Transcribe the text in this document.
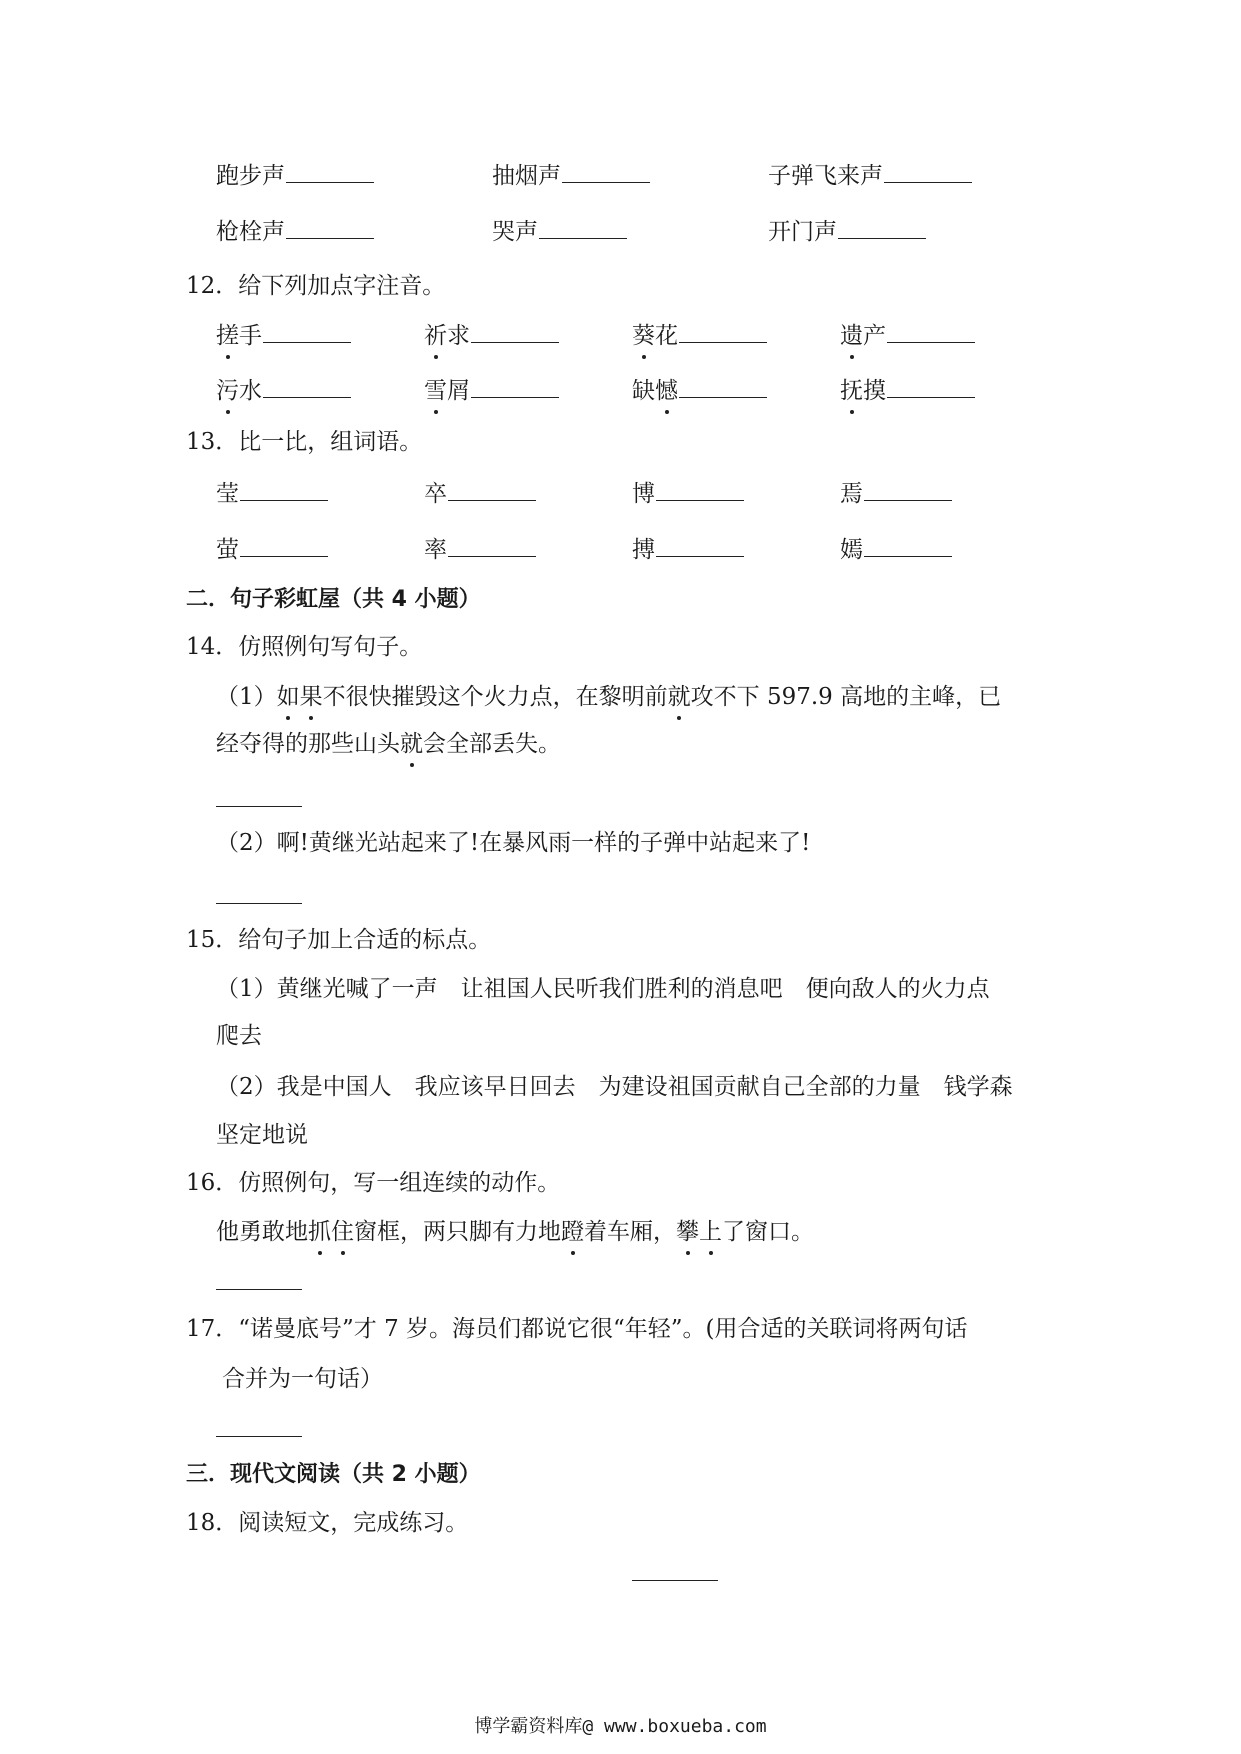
跑步声	抽烟声	子弹飞来声
枪栓声	哭声	开门声
12．给下列加点字注音。
搓手	祈求	葵花	遗产
污水	雪屑	缺憾	抚摸
13．比一比，组词语。
莹	卒	博	焉
萤	率	搏	嫣
二．句子彩虹屋（共 4 小题）
14．仿照例句写句子。
（1）如果不很快摧毁这个火力点，在黎明前就攻不下 597.9 高地的主峰，已
经夺得的那些山头就会全部丢失。
（2）啊!黄继光站起来了!在暴风雨一样的子弹中站起来了!
15．给句子加上合适的标点。
（1）黄继光喊了一声　让祖国人民听我们胜利的消息吧　便向敌人的火力点
爬去
（2）我是中国人　我应该早日回去　为建设祖国贡献自己全部的力量　钱学森
坚定地说
16．仿照例句，写一组连续的动作。
他勇敢地抓住窗框，两只脚有力地蹬着车厢，攀上了窗口。
17．“诺曼底号”才 7 岁。海员们都说它很“年轻”。(用合适的关联词将两句话
合并为一句话）
三．现代文阅读（共 2 小题）
18．阅读短文，完成练习。
博学霸资料库@ www.boxueba.com
